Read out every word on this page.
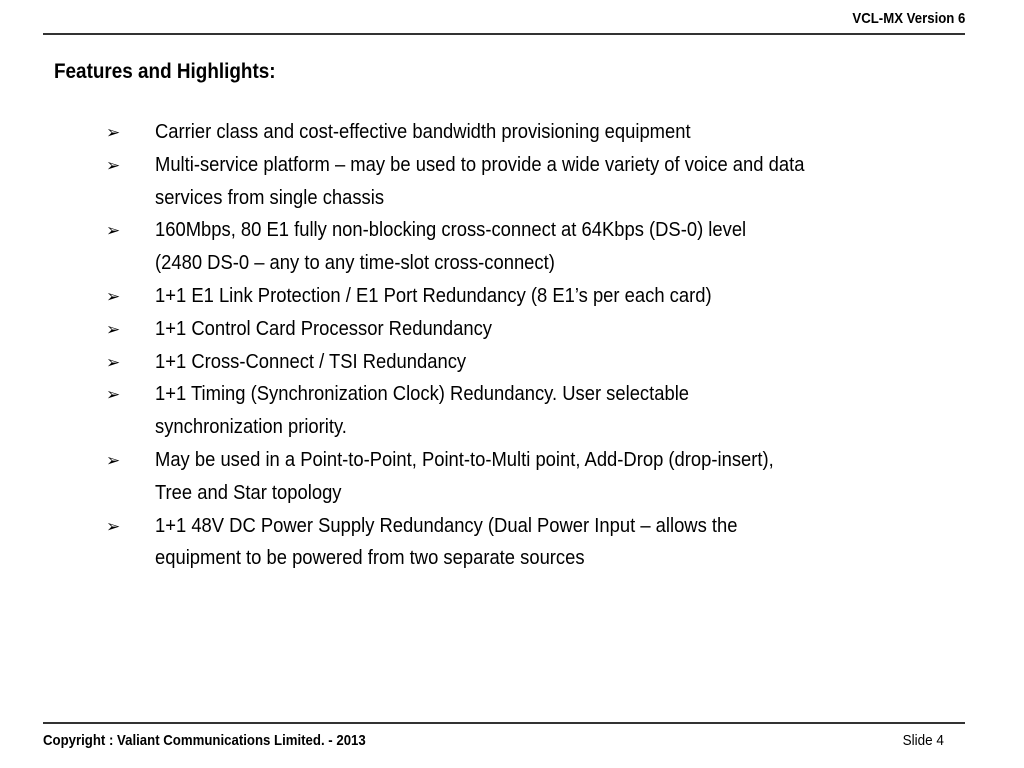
VCL-MX Version 6
Features and Highlights:
➢ Carrier class and cost-effective bandwidth provisioning equipment
➢ Multi-service platform – may be used to provide a wide variety of voice and data
services from single chassis
➢ 160Mbps, 80 E1 fully non-blocking cross-connect at 64Kbps (DS-0) level
(2480 DS-0 – any to any time-slot cross-connect)
➢ 1+1 E1 Link Protection / E1 Port Redundancy (8 E1’s per each card)
➢ 1+1 Control Card Processor Redundancy
➢ 1+1 Cross-Connect / TSI Redundancy
➢ 1+1 Timing (Synchronization Clock) Redundancy. User selectable
synchronization priority.
➢ May be used in a Point-to-Point, Point-to-Multi point, Add-Drop (drop-insert),
Tree and Star topology
➢ 1+1 48V DC Power Supply Redundancy (Dual Power Input – allows the
equipment to be powered from two separate sources
Copyright : Valiant Communications Limited. - 2013	Slide 4
